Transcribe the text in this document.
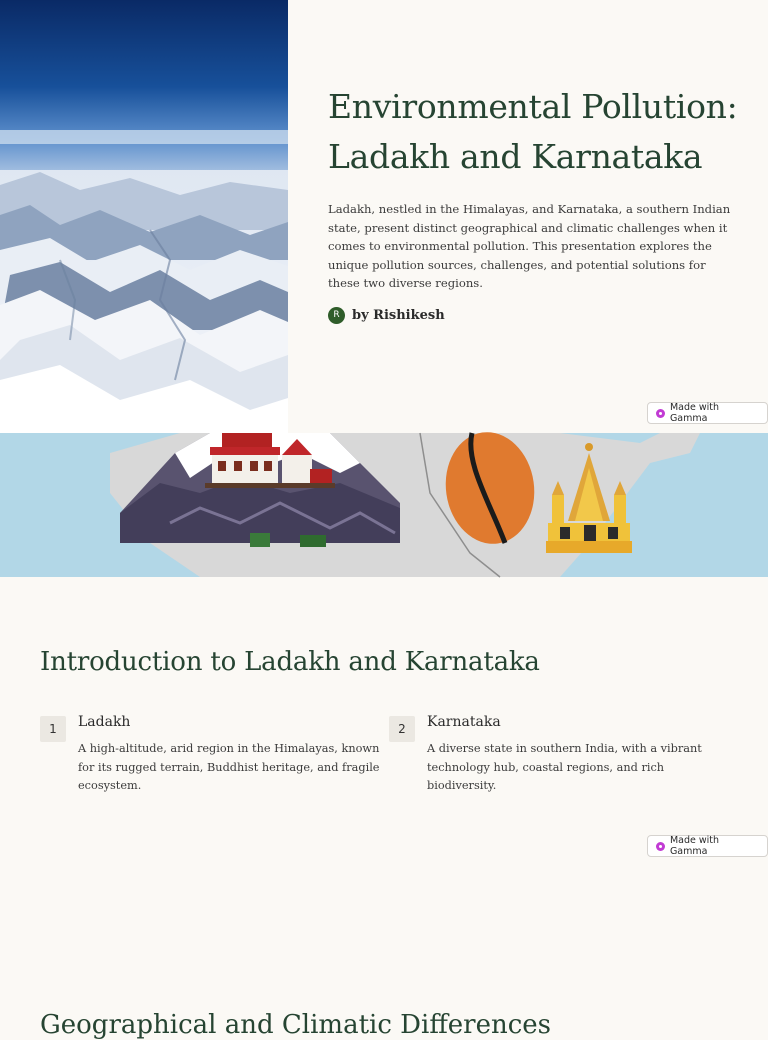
Environmental Pollution: Ladakh and Karnataka

Ladakh, nestled in the Himalayas, and Karnataka, a southern Indian state, present distinct geographical and climatic challenges when it comes to environmental pollution. This presentation explores the unique pollution sources, challenges, and potential solutions for these two diverse regions.

R by Rishikesh
Made with Gamma
Introduction to Ladakh and Karnataka
1	Ladakh
A high-altitude, arid region in the Himalayas, known for its rugged terrain, Buddhist heritage, and fragile ecosystem.
2	Karnataka
A diverse state in southern India, with a vibrant technology hub, coastal regions, and rich biodiversity.
Made with Gamma
Geographical and Climatic Differences
